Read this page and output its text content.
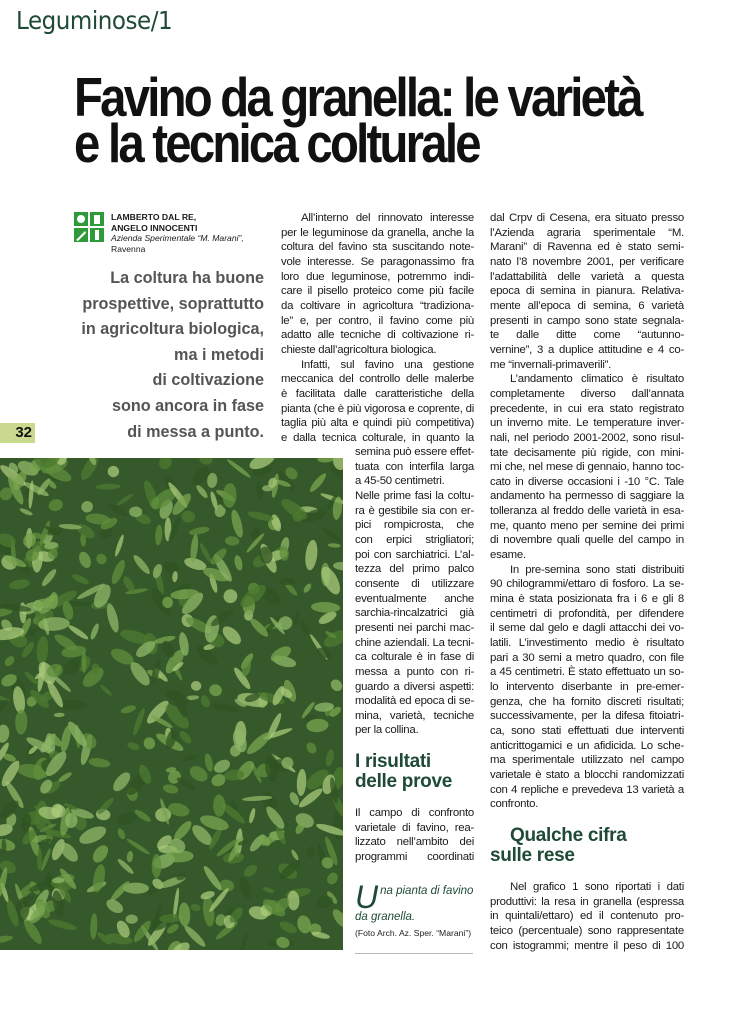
Leguminose/1
Favino da granella: le varietà
e la tecnica colturale
LAMBERTO DAL RE,
ANGELO INNOCENTI
Azienda Sperimentale “M. Marani”,
Ravenna
La coltura ha buone
prospettive, soprattutto
in agricoltura biologica,
ma i metodi
di coltivazione
sono ancora in fase
di messa a punto.
32
All’interno del rinnovato interesse
per le leguminose da granella, anche la
coltura del favino sta suscitando note-
vole interesse. Se paragonassimo fra
loro due leguminose, potremmo indi-
care il pisello proteico come più facile
da coltivare in agricoltura “tradiziona-
le” e, per contro, il favino come più
adatto alle tecniche di coltivazione ri-
chieste dall’agricoltura biologica.
Infatti, sul favino una gestione
meccanica del controllo delle malerbe
è facilitata dalle caratteristiche della
pianta (che è più vigorosa e coprente, di
taglia più alta e quindi più competitiva)
e dalla tecnica colturale, in quanto la
semina può essere effet-
tuata con interfila larga
a 45-50 centimetri.
Nelle prime fasi la coltu-
ra è gestibile sia con er-
pici rompicrosta, che
con erpici strigliatori;
poi con sarchiatrici. L’al-
tezza del primo palco
consente di utilizzare
eventualmente anche
sarchia-rincalzatrici già
presenti nei parchi mac-
chine aziendali. La tecni-
ca colturale è in fase di
messa a punto con ri-
guardo a diversi aspetti:
modalità ed epoca di se-
mina, varietà, tecniche
per la collina.
I risultati
delle prove
Il campo di confronto
varietale di favino, rea-
lizzato nell’ambito dei
programmi coordinati
dal Crpv di Cesena, era situato presso
l’Azienda agraria sperimentale “M.
Marani” di Ravenna ed è stato semi-
nato l’8 novembre 2001, per verificare
l’adattabilità delle varietà a questa
epoca di semina in pianura. Relativa-
mente all’epoca di semina, 6 varietà
presenti in campo sono state segnala-
te dalle ditte come “autunno-
vernine”, 3 a duplice attitudine e 4 co-
me “invernali-primaverili”.
L’andamento climatico è risultato
completamente diverso dall’annata
precedente, in cui era stato registrato
un inverno mite. Le temperature inver-
nali, nel periodo 2001-2002, sono risul-
tate decisamente più rigide, con mini-
mi che, nel mese di gennaio, hanno toc-
cato in diverse occasioni i -10 °C. Tale
andamento ha permesso di saggiare la
tolleranza al freddo delle varietà in esa-
me, quanto meno per semine dei primi
di novembre quali quelle del campo in
esame.
In pre-semina sono stati distribuiti
90 chilogrammi/ettaro di fosforo. La se-
mina è stata posizionata fra i 6 e gli 8
centimetri di profondità, per difendere
il seme dal gelo e dagli attacchi dei vo-
latili. L’investimento medio è risultato
pari a 30 semi a metro quadro, con file
a 45 centimetri. È stato effettuato un so-
lo intervento diserbante in pre-emer-
genza, che ha fornito discreti risultati;
successivamente, per la difesa fitoiatri-
ca, sono stati effettuati due interventi
anticrittogamici e un afidicida. Lo sche-
ma sperimentale utilizzato nel campo
varietale è stato a blocchi randomizzati
con 4 repliche e prevedeva 13 varietà a
confronto.
Qualche cifra
sulle rese
Nel grafico 1 sono riportati i dati
produttivi: la resa in granella (espressa
in quintali/ettaro) ed il contenuto pro-
teico (percentuale) sono rappresentate
con istogrammi; mentre il peso di 100
U na pianta di favino
da granella.
(Foto Arch. Az. Sper. “Marani”)
